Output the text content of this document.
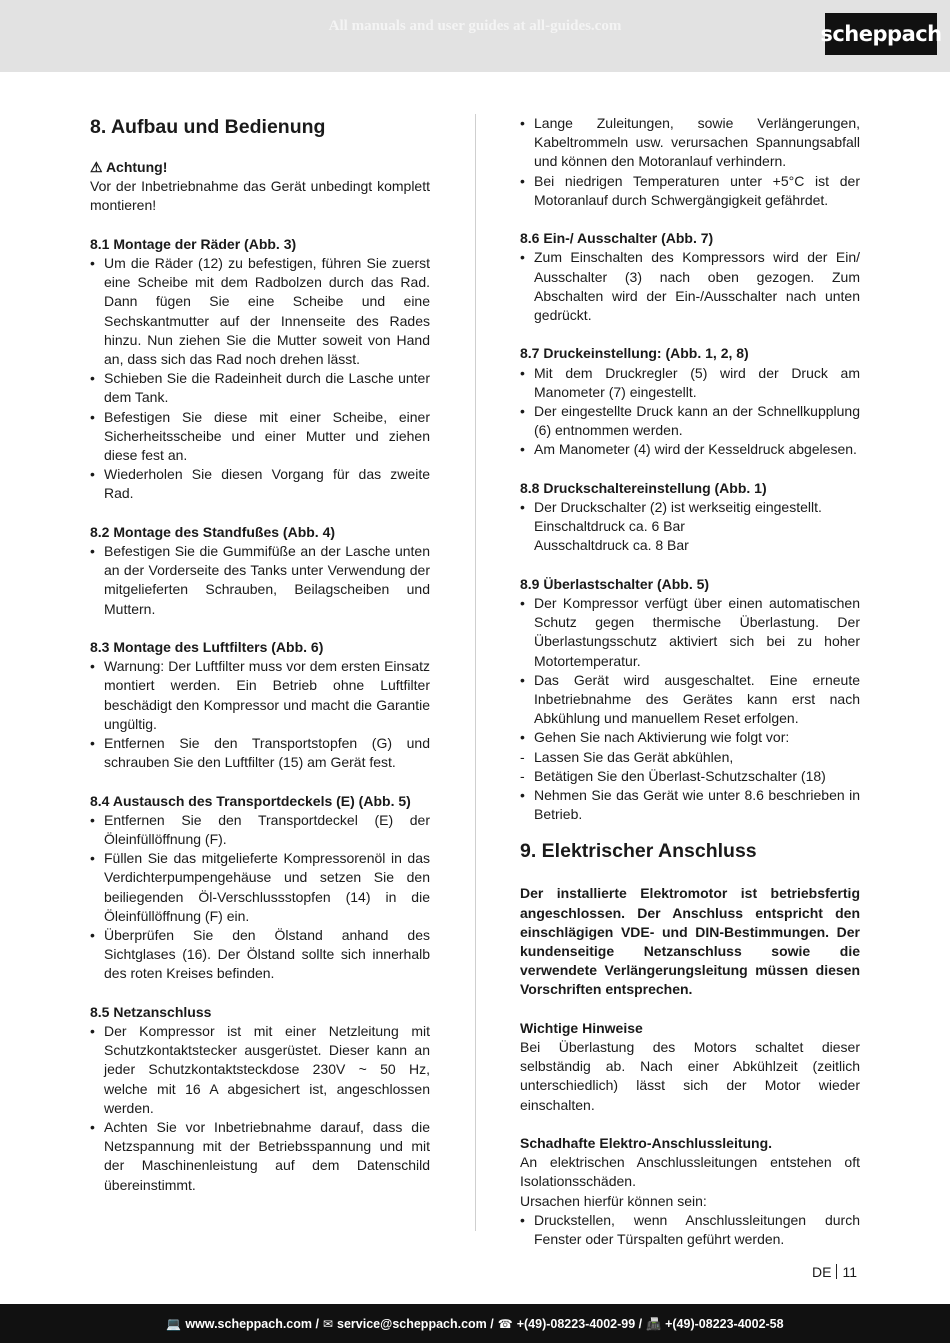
All manuals and user guides at all-guides.com	scheppach
8. Aufbau und Bedienung
⚠ Achtung!

Vor der Inbetriebnahme das Gerät unbedingt komplett montieren!

8.1 Montage der Räder (Abb. 3)
• Um die Räder (12) zu befestigen, führen Sie zuerst eine Scheibe mit dem Radbolzen durch das Rad. Dann fügen Sie eine Scheibe und eine Sechskantmutter auf der Innenseite des Rades hinzu. Nun ziehen Sie die Mutter soweit von Hand an, dass sich das Rad noch drehen lässt.
• Schieben Sie die Radeinheit durch die Lasche unter dem Tank.
• Befestigen Sie diese mit einer Scheibe, einer Sicherheitsscheibe und einer Mutter und ziehen diese fest an.
• Wiederholen Sie diesen Vorgang für das zweite Rad.
8.2 Montage des Standfußes (Abb. 4)
• Befestigen Sie die Gummifüße an der Lasche unten an der Vorderseite des Tanks unter Verwendung der mitgelieferten Schrauben, Beilagscheiben und Muttern.
8.3 Montage des Luftfilters (Abb. 6)
• Warnung: Der Luftfilter muss vor dem ersten Einsatz montiert werden. Ein Betrieb ohne Luftfilter beschädigt den Kompressor und macht die Garantie ungültig.
• Entfernen Sie den Transportstopfen (G) und schrauben Sie den Luftfilter (15) am Gerät fest.
8.4 Austausch des Transportdeckels (E) (Abb. 5)
• Entfernen Sie den Transportdeckel (E) der Öleinfüllöffnung (F).
• Füllen Sie das mitgelieferte Kompressorenöl in das Verdichterpumpengehäuse und setzen Sie den beiliegenden Öl-Verschlussstopfen (14) in die Öleinfüllöffnung (F) ein.
• Überprüfen Sie den Ölstand anhand des Sichtglases (16). Der Ölstand sollte sich innerhalb des roten Kreises befinden.
8.5 Netzanschluss
• Der Kompressor ist mit einer Netzleitung mit Schutzkontaktstecker ausgerüstet. Dieser kann an jeder Schutzkontaktsteckdose 230V ~ 50 Hz, welche mit 16 A abgesichert ist, angeschlossen werden.
• Achten Sie vor Inbetriebnahme darauf, dass die Netzspannung mit der Betriebsspannung und mit der Maschinenleistung auf dem Datenschild übereinstimmt.
• Lange Zuleitungen, sowie Verlängerungen, Kabeltrommeln usw. verursachen Spannungsabfall und können den Motoranlauf verhindern.
• Bei niedrigen Temperaturen unter +5°C ist der Motoranlauf durch Schwergängigkeit gefährdet.
8.6 Ein-/ Ausschalter (Abb. 7)
• Zum Einschalten des Kompressors wird der Ein/ Ausschalter (3) nach oben gezogen. Zum Abschalten wird der Ein-/Ausschalter nach unten gedrückt.
8.7 Druckeinstellung: (Abb. 1, 2, 8)
• Mit dem Druckregler (5) wird der Druck am Manometer (7) eingestellt.
• Der eingestellte Druck kann an der Schnellkupplung (6) entnommen werden.
• Am Manometer (4) wird der Kesseldruck abgelesen.
8.8 Druckschaltereinstellung (Abb. 1)
• Der Druckschalter (2) ist werkseitig eingestellt.
Einschaltdruck ca. 6 Bar
Ausschaltdruck ca. 8 Bar
8.9 Überlastschalter (Abb. 5)
• Der Kompressor verfügt über einen automatischen Schutz gegen thermische Überlastung. Der Überlastungsschutz aktiviert sich bei zu hoher Motortemperatur.
• Das Gerät wird ausgeschaltet. Eine erneute Inbetriebnahme des Gerätes kann erst nach Abkühlung und manuellem Reset erfolgen.
• Gehen Sie nach Aktivierung wie folgt vor:
- Lassen Sie das Gerät abkühlen,
- Betätigen Sie den Überlast-Schutzschalter (18)
• Nehmen Sie das Gerät wie unter 8.6 beschrieben in Betrieb.
9. Elektrischer Anschluss

Der installierte Elektromotor ist betriebsfertig angeschlossen. Der Anschluss entspricht den einschlägigen VDE- und DIN-Bestimmungen. Der kundenseitige Netzanschluss sowie die verwendete Verlängerungsleitung müssen diesen Vorschriften entsprechen.

Wichtige Hinweise

Bei Überlastung des Motors schaltet dieser selbständig ab. Nach einer Abkühlzeit (zeitlich unterschiedlich) lässt sich der Motor wieder einschalten.

Schadhafte Elektro-Anschlussleitung.

An elektrischen Anschlussleitungen entstehen oft Isolationsschäden.

Ursachen hierfür können sein:

• Druckstellen, wenn Anschlussleitungen durch Fenster oder Türspalten geführt werden.
DE 11
💻 www.scheppach.com / ✉ service@scheppach.com / ☎ +(49)-08223-4002-99 / 📠 +(49)-08223-4002-58
